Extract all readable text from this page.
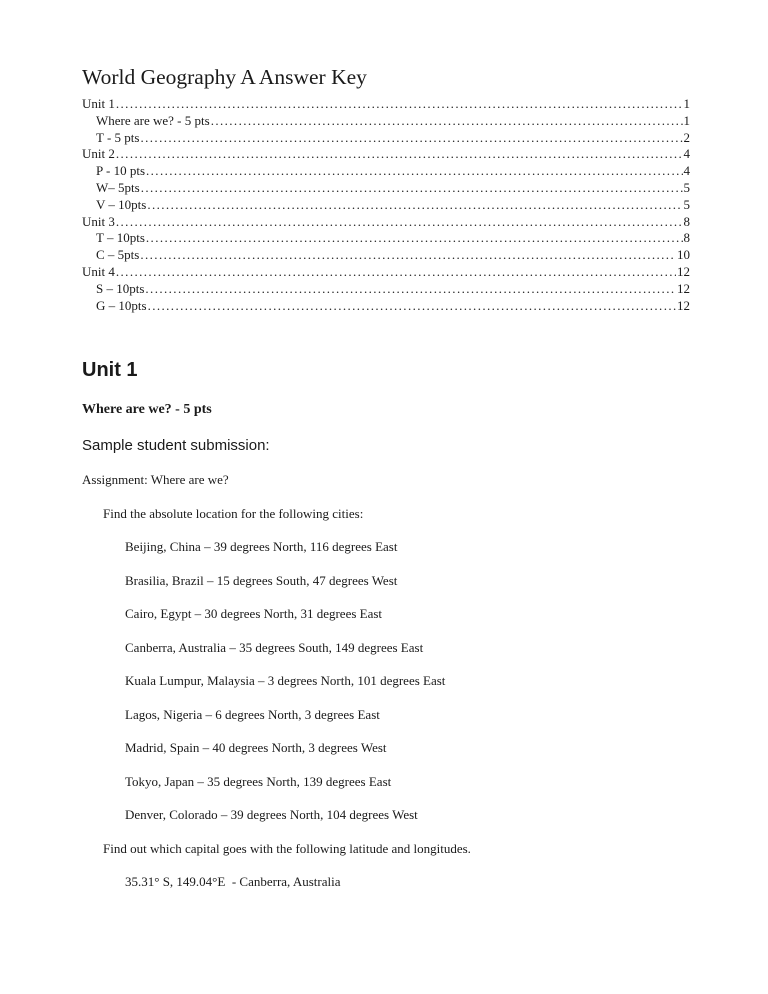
World Geography A Answer Key
Unit 1 .....	1
Where are we? - 5 pts .....	1
T - 5 pts .....	2
Unit 2 .....	4
P - 10 pts .....	4
W– 5pts .....	5
V – 10pts .....	5
Unit 3 .....	8
T – 10pts .....	8
C – 5pts .....	10
Unit 4 .....	12
S – 10pts .....	12
G – 10pts .....	12
Unit 1
Where are we? - 5 pts

Sample student submission:

Assignment: Where are we?

Find the absolute location for the following cities:

Beijing, China – 39 degrees North, 116 degrees East

Brasilia, Brazil – 15 degrees South, 47 degrees West

Cairo, Egypt – 30 degrees North, 31 degrees East

Canberra, Australia – 35 degrees South, 149 degrees East

Kuala Lumpur, Malaysia – 3 degrees North, 101 degrees East

Lagos, Nigeria – 6 degrees North, 3 degrees East

Madrid, Spain – 40 degrees North, 3 degrees West

Tokyo, Japan – 35 degrees North, 139 degrees East

Denver, Colorado – 39 degrees North, 104 degrees West

Find out which capital goes with the following latitude and longitudes.

35.31° S, 149.04°E  - Canberra, Australia
